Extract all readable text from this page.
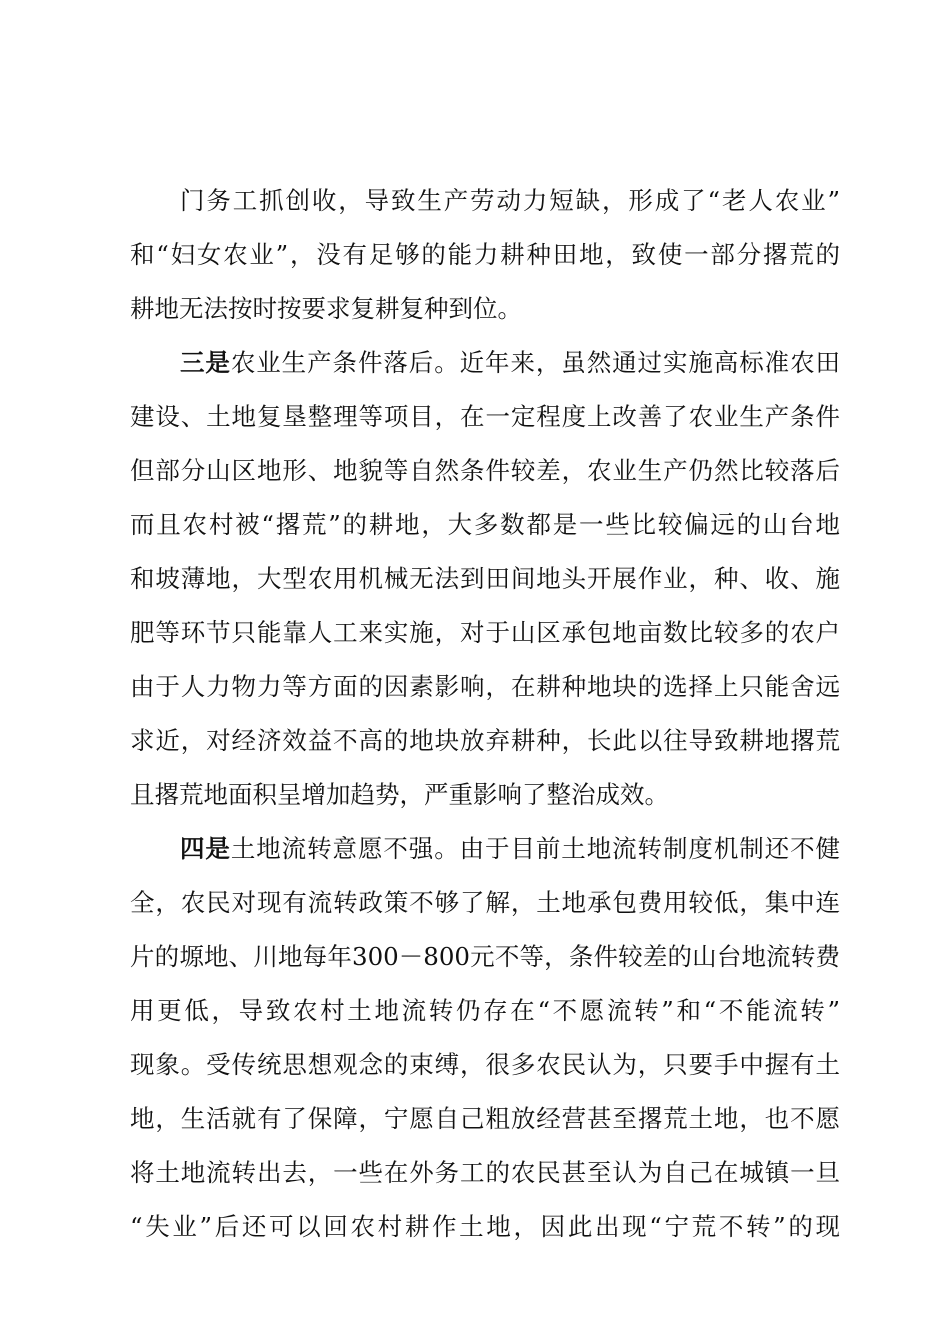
门务工抓创收，导致生产劳动力短缺，形成了“老人农业”
和“妇女农业”，没有足够的能力耕种田地，致使一部分撂荒的
耕地无法按时按要求复耕复种到位。
三是农业生产条件落后。近年来，虽然通过实施高标准农田
建设、土地复垦整理等项目，在一定程度上改善了农业生产条件
但部分山区地形、地貌等自然条件较差，农业生产仍然比较落后
而且农村被“撂荒”的耕地，大多数都是一些比较偏远的山台地
和坡薄地，大型农用机械无法到田间地头开展作业，种、收、施
肥等环节只能靠人工来实施，对于山区承包地亩数比较多的农户
由于人力物力等方面的因素影响，在耕种地块的选择上只能舍远
求近，对经济效益不高的地块放弃耕种，长此以往导致耕地撂荒
且撂荒地面积呈增加趋势，严重影响了整治成效。
四是土地流转意愿不强。由于目前土地流转制度机制还不健
全，农民对现有流转政策不够了解，土地承包费用较低，集中连
片的塬地、川地每年300－800元不等，条件较差的山台地流转费
用更低，导致农村土地流转仍存在“不愿流转”和“不能流转”
现象。受传统思想观念的束缚，很多农民认为，只要手中握有土
地，生活就有了保障，宁愿自己粗放经营甚至撂荒土地，也不愿
将土地流转出去，一些在外务工的农民甚至认为自己在城镇一旦
“失业”后还可以回农村耕作土地，因此出现“宁荒不转”的现
